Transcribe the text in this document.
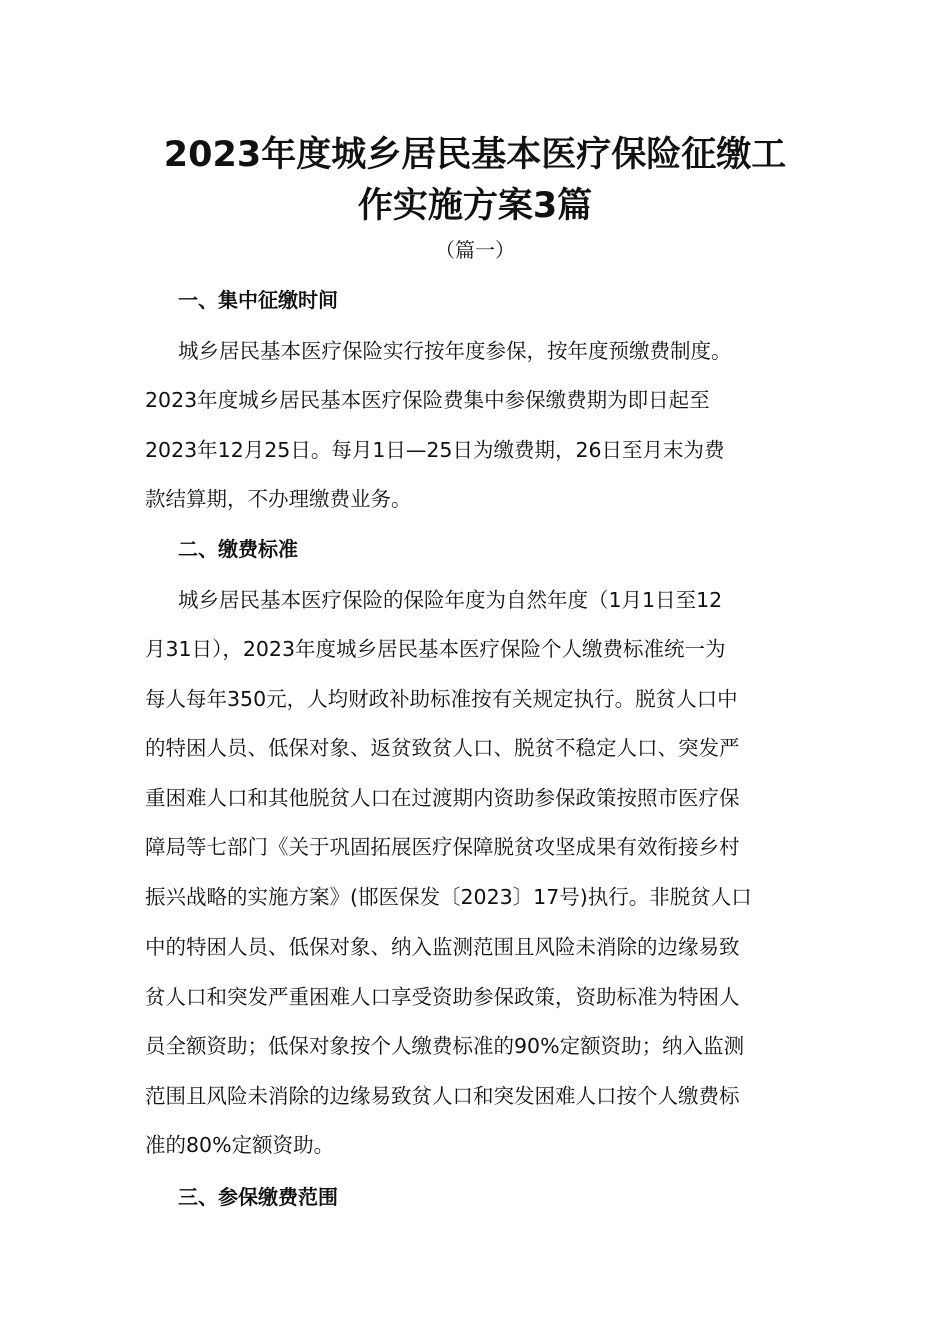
2023年度城乡居民基本医疗保险征缴工
作实施方案3篇
（篇一）
一、集中征缴时间
城乡居民基本医疗保险实行按年度参保，按年度预缴费制度。
2023年度城乡居民基本医疗保险费集中参保缴费期为即日起至
2023年12月25日。每月1日—25日为缴费期，26日至月末为费
款结算期，不办理缴费业务。
二、缴费标准
城乡居民基本医疗保险的保险年度为自然年度（1月1日至12
月31日），2023年度城乡居民基本医疗保险个人缴费标准统一为
每人每年350元，人均财政补助标准按有关规定执行。脱贫人口中
的特困人员、低保对象、返贫致贫人口、脱贫不稳定人口、突发严
重困难人口和其他脱贫人口在过渡期内资助参保政策按照市医疗保
障局等七部门《关于巩固拓展医疗保障脱贫攻坚成果有效衔接乡村
振兴战略的实施方案》(邯医保发〔2023〕17号)执行。非脱贫人口
中的特困人员、低保对象、纳入监测范围且风险未消除的边缘易致
贫人口和突发严重困难人口享受资助参保政策，资助标准为特困人
员全额资助；低保对象按个人缴费标准的90%定额资助；纳入监测
范围且风险未消除的边缘易致贫人口和突发困难人口按个人缴费标
准的80%定额资助。
三、参保缴费范围
